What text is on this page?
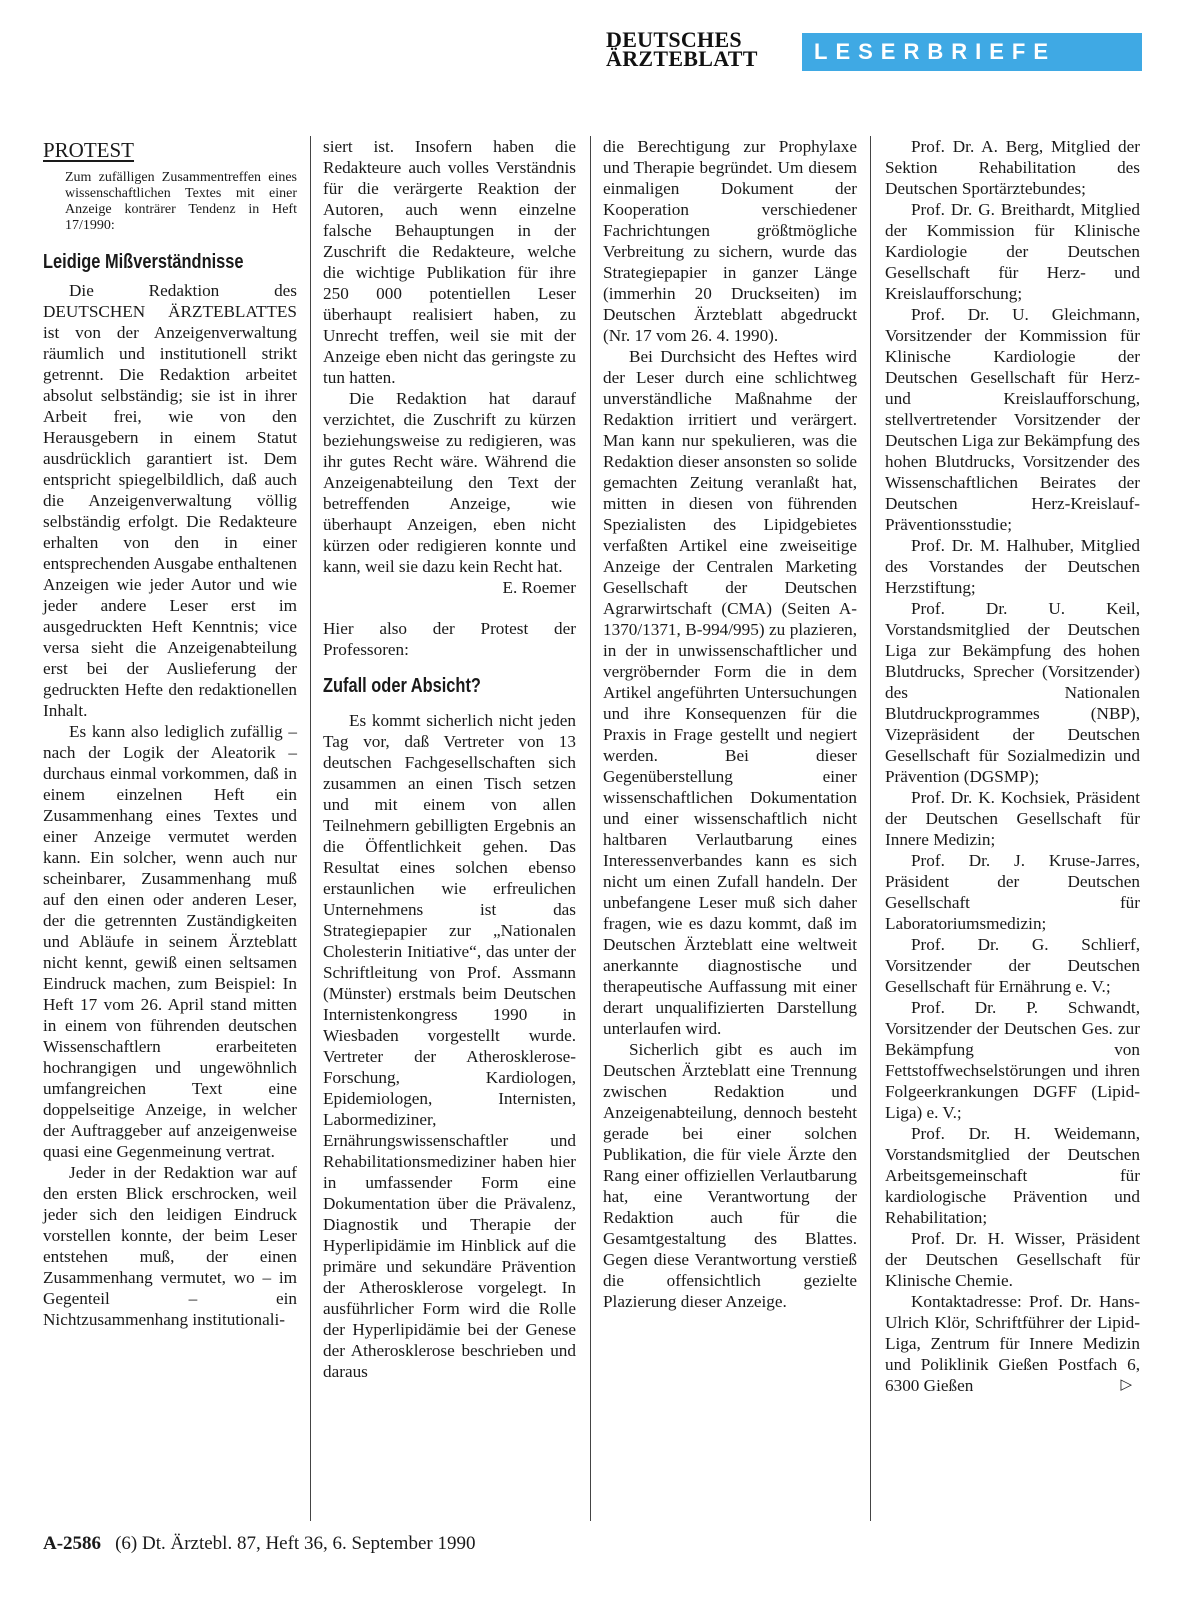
DEUTSCHES
ÄRZTEBLATT	LESERBRIEFE
PROTEST
Zum zufälligen Zusammentreffen eines wissenschaftlichen Textes mit einer Anzeige konträrer Tendenz in Heft 17/1990:
Leidige Mißverständnisse

Die Redaktion des DEUTSCHEN ÄRZTEBLATTES ist von der Anzeigenverwaltung räumlich und institutionell strikt getrennt. Die Redaktion arbeitet absolut selbständig; sie ist in ihrer Arbeit frei, wie von den Herausgebern in einem Statut ausdrücklich garantiert ist. Dem entspricht spiegelbildlich, daß auch die Anzeigenverwaltung völlig selbständig erfolgt. Die Redakteure erhalten von den in einer entsprechenden Ausgabe enthaltenen Anzeigen wie jeder Autor und wie jeder andere Leser erst im ausgedruckten Heft Kenntnis; vice versa sieht die Anzeigenabteilung erst bei der Auslieferung der gedruckten Hefte den redaktionellen Inhalt.

Es kann also lediglich zufällig – nach der Logik der Aleatorik – durchaus einmal vorkommen, daß in einem einzelnen Heft ein Zusammenhang eines Textes und einer Anzeige vermutet werden kann. Ein solcher, wenn auch nur scheinbarer, Zusammenhang muß auf den einen oder anderen Leser, der die getrennten Zuständigkeiten und Abläufe in seinem Ärzteblatt nicht kennt, gewiß einen seltsamen Eindruck machen, zum Beispiel: In Heft 17 vom 26. April stand mitten in einem von führenden deutschen Wissenschaftlern erarbeiteten hochrangigen und ungewöhnlich umfangreichen Text eine doppelseitige Anzeige, in welcher der Auftraggeber auf anzeigenweise quasi eine Gegenmeinung vertrat.

Jeder in der Redaktion war auf den ersten Blick erschrocken, weil jeder sich den leidigen Eindruck vorstellen konnte, der beim Leser entstehen muß, der einen Zusammenhang vermutet, wo – im Gegenteil – ein Nichtzusammenhang institutionali-

siert ist. Insofern haben die Redakteure auch volles Verständnis für die verärgerte Reaktion der Autoren, auch wenn einzelne falsche Behauptungen in der Zuschrift die Redakteure, welche die wichtige Publikation für ihre 250 000 potentiellen Leser überhaupt realisiert haben, zu Unrecht treffen, weil sie mit der Anzeige eben nicht das geringste zu tun hatten.

Die Redaktion hat darauf verzichtet, die Zuschrift zu kürzen beziehungsweise zu redigieren, was ihr gutes Recht wäre. Während die Anzeigenabteilung den Text der betreffenden Anzeige, wie überhaupt Anzeigen, eben nicht kürzen oder redigieren konnte und kann, weil sie dazu kein Recht hat.

E. Roemer

Hier also der Protest der Professoren:

Zufall oder Absicht?

Es kommt sicherlich nicht jeden Tag vor, daß Vertreter von 13 deutschen Fachgesellschaften sich zusammen an einen Tisch setzen und mit einem von allen Teilnehmern gebilligten Ergebnis an die Öffentlichkeit gehen. Das Resultat eines solchen ebenso erstaunlichen wie erfreulichen Unternehmens ist das Strategiepapier zur „Nationalen Cholesterin Initiative“, das unter der Schriftleitung von Prof. Assmann (Münster) erstmals beim Deutschen Internistenkongress 1990 in Wiesbaden vorgestellt wurde. Vertreter der Atherosklerose-Forschung, Kardiologen, Epidemiologen, Internisten, Labormediziner, Ernährungswissenschaftler und Rehabilitationsmediziner haben hier in umfassender Form eine Dokumentation über die Prävalenz, Diagnostik und Therapie der Hyperlipidämie im Hinblick auf die primäre und sekundäre Prävention der Atherosklerose vorgelegt. In ausführlicher Form wird die Rolle der Hyperlipidämie bei der Genese der Atherosklerose beschrieben und daraus

die Berechtigung zur Prophylaxe und Therapie begründet. Um diesem einmaligen Dokument der Kooperation verschiedener Fachrichtungen größtmögliche Verbreitung zu sichern, wurde das Strategiepapier in ganzer Länge (immerhin 20 Druckseiten) im Deutschen Ärzteblatt abgedruckt (Nr. 17 vom 26. 4. 1990).

Bei Durchsicht des Heftes wird der Leser durch eine schlichtweg unverständliche Maßnahme der Redaktion irritiert und verärgert. Man kann nur spekulieren, was die Redaktion dieser ansonsten so solide gemachten Zeitung veranlaßt hat, mitten in diesen von führenden Spezialisten des Lipidgebietes verfaßten Artikel eine zweiseitige Anzeige der Centralen Marketing Gesellschaft der Deutschen Agrarwirtschaft (CMA) (Seiten A-1370/1371, B-994/995) zu plazieren, in der in unwissenschaftlicher und vergröbernder Form die in dem Artikel angeführten Untersuchungen und ihre Konsequenzen für die Praxis in Frage gestellt und negiert werden. Bei dieser Gegenüberstellung einer wissenschaftlichen Dokumentation und einer wissenschaftlich nicht haltbaren Verlautbarung eines Interessenverbandes kann es sich nicht um einen Zufall handeln. Der unbefangene Leser muß sich daher fragen, wie es dazu kommt, daß im Deutschen Ärzteblatt eine weltweit anerkannte diagnostische und therapeutische Auffassung mit einer derart unqualifizierten Darstellung unterlaufen wird.

Sicherlich gibt es auch im Deutschen Ärzteblatt eine Trennung zwischen Redaktion und Anzeigenabteilung, dennoch besteht gerade bei einer solchen Publikation, die für viele Ärzte den Rang einer offiziellen Verlautbarung hat, eine Verantwortung der Redaktion auch für die Gesamtgestaltung des Blattes. Gegen diese Verantwortung verstieß die offensichtlich gezielte Plazierung dieser Anzeige.

Prof. Dr. A. Berg, Mitglied der Sektion Rehabilitation des Deutschen Sportärztebundes;

Prof. Dr. G. Breithardt, Mitglied der Kommission für Klinische Kardiologie der Deutschen Gesellschaft für Herz- und Kreislaufforschung;

Prof. Dr. U. Gleichmann, Vorsitzender der Kommission für Klinische Kardiologie der Deutschen Gesellschaft für Herz- und Kreislaufforschung, stellvertretender Vorsitzender der Deutschen Liga zur Bekämpfung des hohen Blutdrucks, Vorsitzender des Wissenschaftlichen Beirates der Deutschen Herz-Kreislauf-Präventionsstudie;

Prof. Dr. M. Halhuber, Mitglied des Vorstandes der Deutschen Herzstiftung;

Prof. Dr. U. Keil, Vorstandsmitglied der Deutschen Liga zur Bekämpfung des hohen Blutdrucks, Sprecher (Vorsitzender) des Nationalen Blutdruckprogrammes (NBP), Vizepräsident der Deutschen Gesellschaft für Sozialmedizin und Prävention (DGSMP);

Prof. Dr. K. Kochsiek, Präsident der Deutschen Gesellschaft für Innere Medizin;

Prof. Dr. J. Kruse-Jarres, Präsident der Deutschen Gesellschaft für Laboratoriumsmedizin;

Prof. Dr. G. Schlierf, Vorsitzender der Deutschen Gesellschaft für Ernährung e. V.;

Prof. Dr. P. Schwandt, Vorsitzender der Deutschen Ges. zur Bekämpfung von Fettstoffwechselstörungen und ihren Folgeerkrankungen DGFF (Lipid-Liga) e. V.;

Prof. Dr. H. Weidemann, Vorstandsmitglied der Deutschen Arbeitsgemeinschaft für kardiologische Prävention und Rehabilitation;

Prof. Dr. H. Wisser, Präsident der Deutschen Gesellschaft für Klinische Chemie.

Kontaktadresse: Prof. Dr. Hans-Ulrich Klör, Schriftführer der Lipid-Liga, Zentrum für Innere Medizin und Poliklinik Gießen Postfach 6, 6300 Gießen	▷

A-2586 (6) Dt. Ärztebl. 87, Heft 36, 6. September 1990
